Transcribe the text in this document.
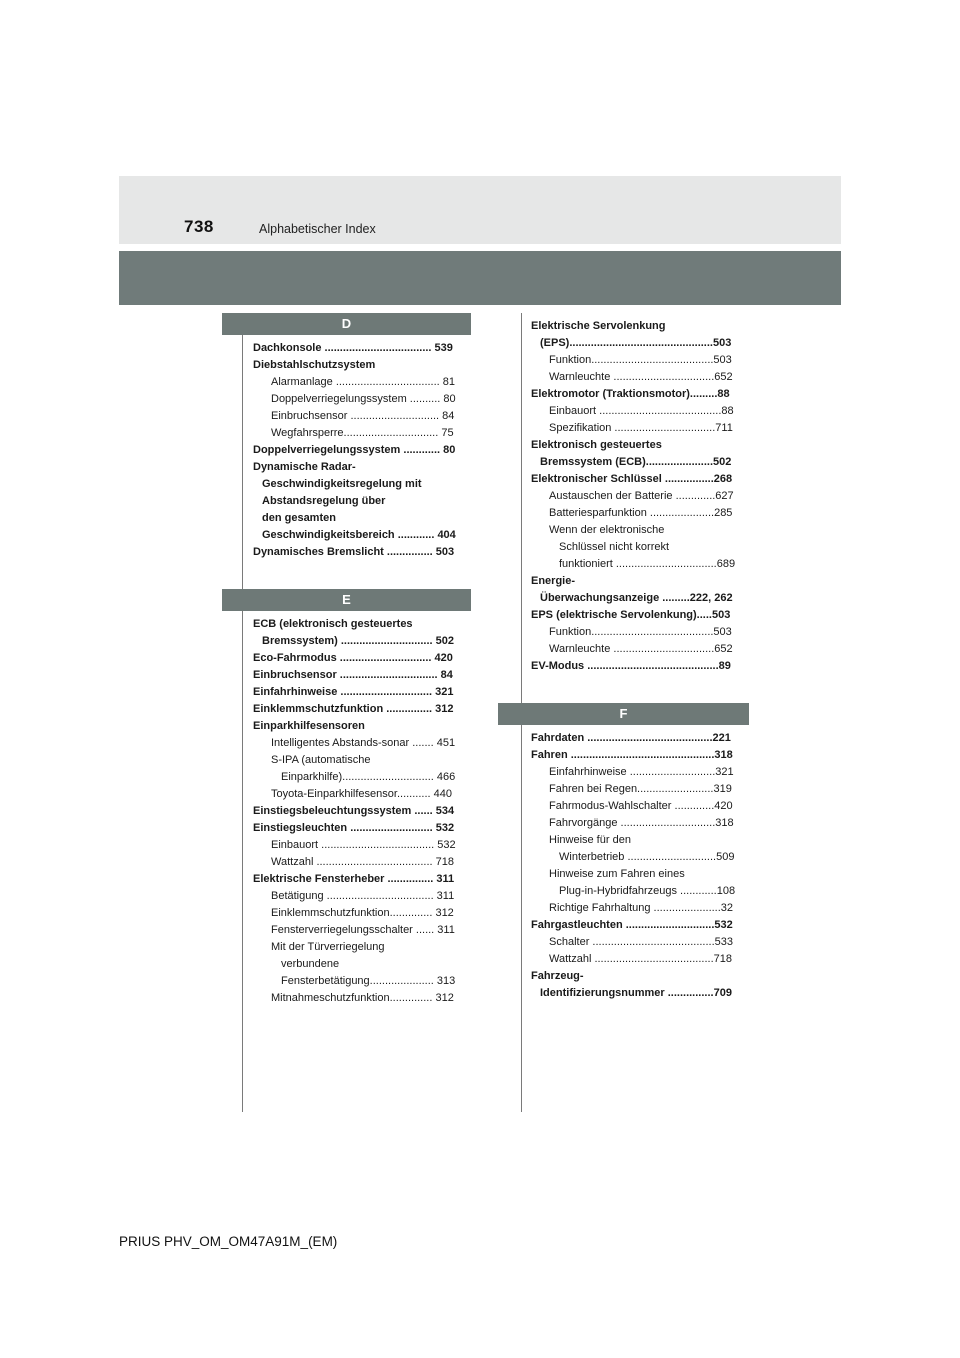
738	Alphabetischer Index
D
Dachkonsole ................................... 539
Diebstahlschutzsystem
Alarmanlage .................................. 81
Doppelverriegelungssystem .......... 80
Einbruchsensor ............................. 84
Wegfahrsperre............................... 75
Doppelverriegelungssystem ............ 80
Dynamische Radar-
Geschwindigkeitsregelung mit
Abstandsregelung über
den gesamten
Geschwindigkeitsbereich ............ 404
Dynamisches Bremslicht ............... 503
E
ECB (elektronisch gesteuertes
Bremssystem) .............................. 502
Eco-Fahrmodus .............................. 420
Einbruchsensor ................................ 84
Einfahrhinweise .............................. 321
Einklemmschutzfunktion ............... 312
Einparkhilfesensoren
Intelligentes Abstands-sonar ....... 451
S-IPA (automatische
Einparkhilfe).............................. 466
Toyota-Einparkhilfesensor........... 440
Einstiegsbeleuchtungssystem ...... 534
Einstiegsleuchten ........................... 532
Einbauort ..................................... 532
Wattzahl ...................................... 718
Elektrische Fensterheber ............... 311
Betätigung ................................... 311
Einklemmschutzfunktion.............. 312
Fensterverriegelungsschalter ...... 311
Mit der Türverriegelung
verbundene
Fensterbetätigung..................... 313
Mitnahmeschutzfunktion.............. 312
Elektrische Servolenkung
(EPS)...............................................503
Funktion........................................503
Warnleuchte .................................652
Elektromotor (Traktionsmotor).........88
Einbauort ........................................88
Spezifikation .................................711
Elektronisch gesteuertes
Bremssystem (ECB)......................502
Elektronischer Schlüssel ................268
Austauschen der Batterie .............627
Batteriesparfunktion .....................285
Wenn der elektronische
Schlüssel nicht korrekt
funktioniert .................................689
Energie-
Überwachungsanzeige .........222, 262
EPS (elektrische Servolenkung).....503
Funktion........................................503
Warnleuchte .................................652
EV-Modus ...........................................89
F
Fahrdaten .........................................221
Fahren ...............................................318
Einfahrhinweise ............................321
Fahren bei Regen.........................319
Fahrmodus-Wahlschalter .............420
Fahrvorgänge ...............................318
Hinweise für den
Winterbetrieb .............................509
Hinweise zum Fahren eines
Plug-in-Hybridfahrzeugs ............108
Richtige Fahrhaltung ......................32
Fahrgastleuchten .............................532
Schalter ........................................533
Wattzahl .......................................718
Fahrzeug-
Identifizierungsnummer ...............709
PRIUS PHV_OM_OM47A91M_(EM)
